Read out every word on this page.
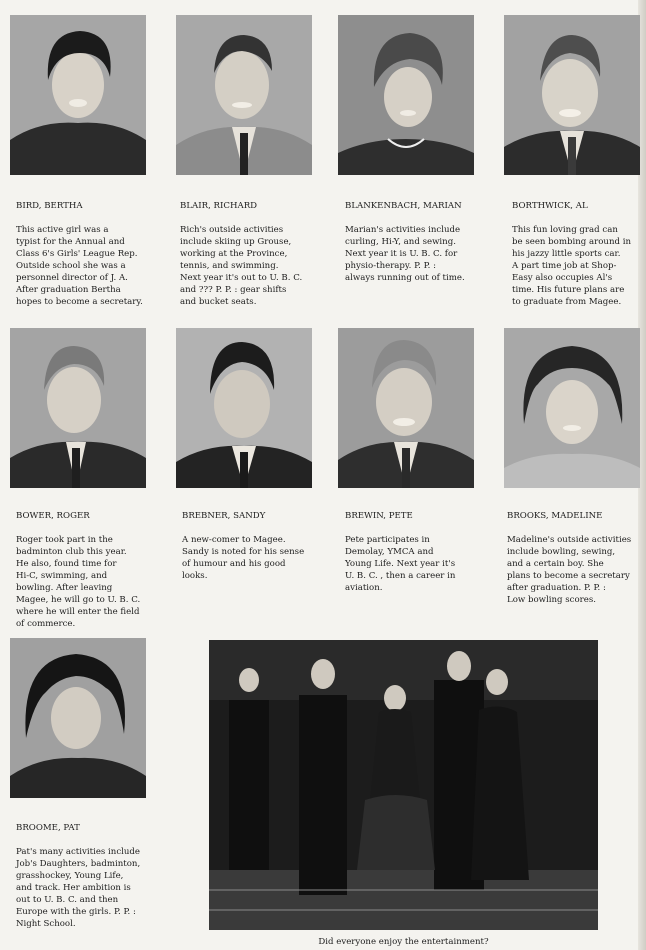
BIRD, BERTHA

This active girl was a
typist for the Annual and
Class 6's Girls' League Rep.
Outside school she was a
personnel director of J. A.
After graduation Bertha
hopes to become a secretary.

BLAIR, RICHARD

Rich's outside activities
include skiing up Grouse,
working at the Province,
tennis, and swimming.
Next year it's out to U. B. C.
and ??? P. P. : gear shifts
and bucket seats.

BLANKENBACH, MARIAN

Marian's activities include
curling, Hi-Y, and sewing.
Next year it is U. B. C. for
physio-therapy. P. P. :
always running out of time.

BORTHWICK, AL

This fun loving grad can
be seen bombing around in
his jazzy little sports car.
A part time job at Shop-
Easy also occupies Al's
time. His future plans are
to graduate from Magee.

BOWER, ROGER

Roger took part in the
badminton club this year.
He also, found time for
Hi-C, swimming, and
bowling. After leaving
Magee, he will go to U. B. C.
where he will enter the field
of commerce.

BREBNER, SANDY

A new-comer to Magee.
Sandy is noted for his sense
of humour and his good
looks.

BREWIN, PETE

Pete participates in
Demolay, YMCA and
Young Life. Next year it's
U. B. C. , then a career in
aviation.

BROOKS, MADELINE

Madeline's outside activities
include bowling, sewing,
and a certain boy. She
plans to become a secretary
after graduation. P. P. :
Low bowling scores.

BROOME, PAT

Pat's many activities include
Job's Daughters, badminton,
grasshockey, Young Life,
and track. Her ambition is
out to U. B. C. and then
Europe with the girls. P. P. :
Night School.

Did everyone enjoy the entertainment?
